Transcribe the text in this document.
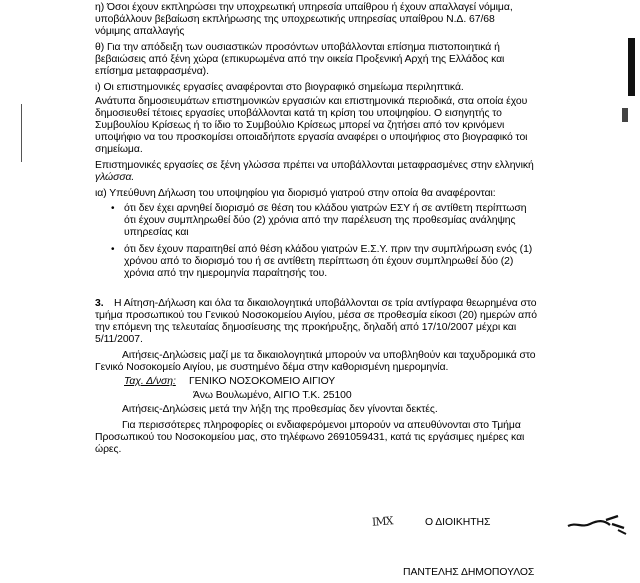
η) Όσοι έχουν εκπληρώσει την υποχρεωτική υπηρεσία υπαίθρου ή έχουν απαλλαγεί νόμιμα,
υποβάλλουν βεβαίωση εκπλήρωσης της υποχρεωτικής υπηρεσίας υπαίθρου Ν.Δ. 67/68
νόμιμης απαλλαγής
θ) Για την απόδειξη των ουσιαστικών προσόντων υποβάλλονται επίσημα πιστοποιητικά ή
βεβαιώσεις από ξένη χώρα (επικυρωμένα από την οικεία Προξενική Αρχή της Ελλάδος και
επίσημα μεταφρασμένα).
ι) Οι επιστημονικές εργασίες αναφέρονται στο βιογραφικό σημείωμα περιληπτικά.
Ανάτυπα δημοσιευμάτων επιστημονικών εργασιών και επιστημονικά περιοδικά, στα οποία έχου
δημοσιευθεί τέτοιες εργασίες υποβάλλονται κατά τη κρίση του υποψηφίου. Ο εισηγητής το
Συμβουλίου Κρίσεως ή το ίδιο το Συμβούλιο Κρίσεως μπορεί να ζητήσει από τον κρινόμενι
υποψήφιο να του προσκομίσει οποιαδήποτε εργασία αναφέρει ο υποψήφιος στο βιογραφικό τοι
σημείωμα.
Επιστημονικές εργασίες σε ξένη γλώσσα πρέπει να υποβάλλονται μεταφρασμένες στην ελληνική
γλώσσα.
ια) Υπεύθυνη Δήλωση του υποψηφίου για διορισμό γιατρού στην οποία θα αναφέρονται:
• ότι δεν έχει αρνηθεί διορισμό σε θέση του κλάδου γιατρών ΕΣΥ ή σε αντίθετη περίπτωση
ότι έχουν συμπληρωθεί δύο (2) χρόνια από την παρέλευση της προθεσμίας ανάληψης
υπηρεσίας και
• ότι δεν έχουν παραιτηθεί από θέση κλάδου γιατρών Ε.Σ.Υ. πριν την συμπλήρωση ενός (1)
χρόνου από το διορισμό του ή σε αντίθετη περίπτωση ότι έχουν συμπληρωθεί δύο (2)
χρόνια από την ημερομηνία παραίτησής του.
3. Η Αίτηση-Δήλωση και όλα τα δικαιολογητικά υποβάλλονται σε τρία αντίγραφα θεωρημένα στο
τμήμα προσωπικού του Γενικού Νοσοκομείου Αιγίου, μέσα σε προθεσμία είκοσι (20) ημερών από
την επόμενη της τελευταίας δημοσίευσης της προκήρυξης, δηλαδή από 17/10/2007 μέχρι και
5/11/2007.
Αιτήσεις-Δηλώσεις μαζί με τα δικαιολογητικά μπορούν να υποβληθούν και ταχυδρομικά στο
Γενικό Νοσοκομείο Αιγίου, με συστημένο δέμα στην καθορισμένη ημερομηνία.
Ταχ. Δ/νση: ΓΕΝΙΚΟ ΝΟΣΟΚΟΜΕΙΟ ΑΙΓΙΟΥ
Άνω Βουλωμένο, ΑΙΓΙΟ Τ.Κ. 25100
Αιτήσεις-Δηλώσεις μετά την λήξη της προθεσμίας δεν γίνονται δεκτές.
Για περισσότερες πληροφορίες οι ενδιαφερόμενοι μπορούν να απευθύνονται στο Τμήμα
Προσωπικού του Νοσοκομείου μας, στο τηλέφωνο 2691059431, κατά τις εργάσιμες ημέρες και
ώρες.
ΙΜΧ	Ο ΔΙΟΙΚΗΤΗΣ
ΠΑΝΤΕΛΗΣ ΔΗΜΟΠΟΥΛΟΣ
